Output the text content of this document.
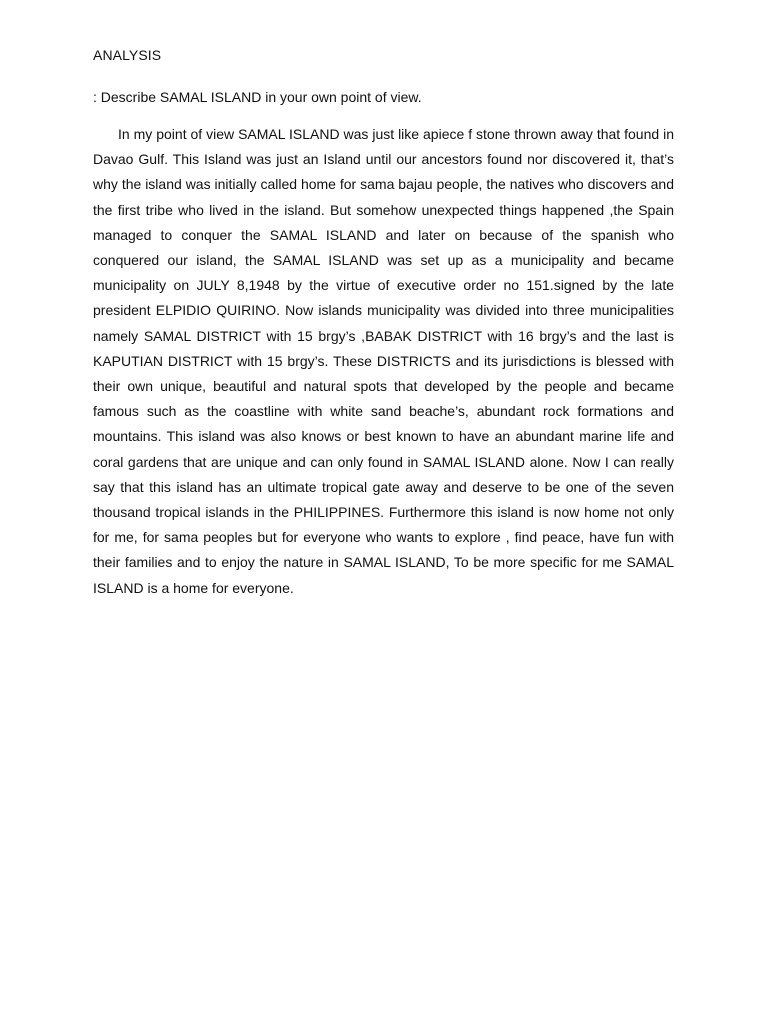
ANALYSIS
: Describe SAMAL ISLAND in your own point of view.

In my point of view SAMAL ISLAND was just like apiece f stone thrown away that found in Davao Gulf. This Island was just an Island until our ancestors found nor discovered it, that’s why the island was initially called home for sama bajau people, the natives who discovers and the first tribe who lived in the island. But somehow unexpected things happened ,the Spain managed to conquer the SAMAL ISLAND and later on because of the spanish who conquered our island, the SAMAL ISLAND was set up as a municipality and became municipality on JULY 8,1948 by the virtue of executive order no 151.signed by the late president ELPIDIO QUIRINO. Now islands municipality was divided into three municipalities namely SAMAL DISTRICT with 15 brgy’s ,BABAK DISTRICT with 16 brgy’s and the last is KAPUTIAN DISTRICT with 15 brgy’s. These DISTRICTS and its jurisdictions is blessed with their own unique, beautiful and natural spots that developed by the people and became famous such as the coastline with white sand beache’s, abundant rock formations and mountains. This island was also knows or best known to have an abundant marine life and coral gardens that are unique and can only found in SAMAL ISLAND alone. Now I can really say that this island has an ultimate tropical gate away and deserve to be one of the seven thousand tropical islands in the PHILIPPINES. Furthermore this island is now home not only for me, for sama peoples but for everyone who wants to explore , find peace, have fun with their families and to enjoy the nature in SAMAL ISLAND, To be more specific for me SAMAL ISLAND is a home for everyone.
